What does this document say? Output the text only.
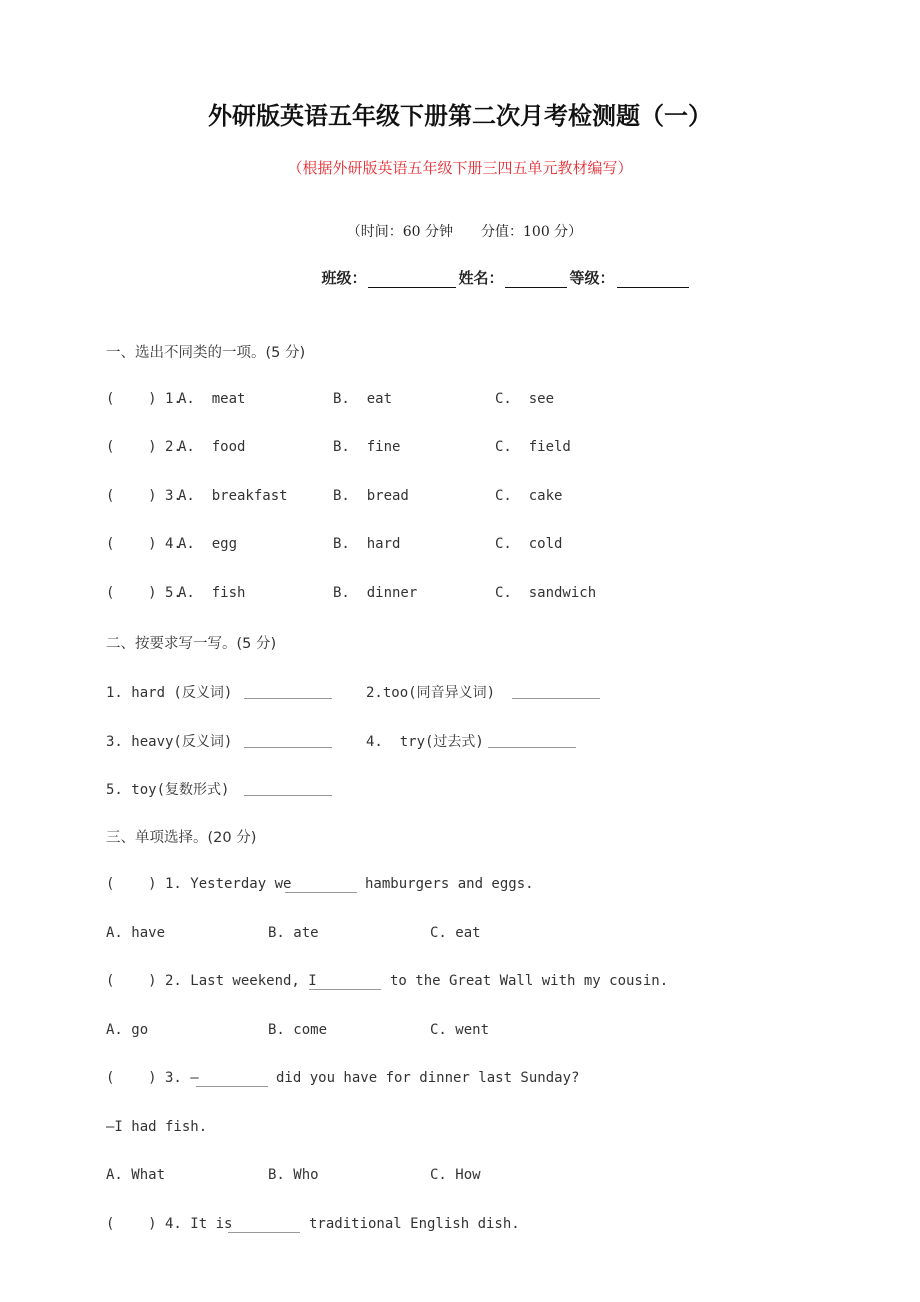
外研版英语五年级下册第二次月考检测题（一）
（根据外研版英语五年级下册三四五单元教材编写）

（时间：60 分钟 分值：100 分）

班级：	姓名：	等级：

一、选出不同类的一项。(5 分)
(    ) 1.
A.  meat	B.  eat	C.  see
(    ) 2.
A.  food	B.  fine	C.  field
(    ) 3.
A.  breakfast	B.  bread	C.  cake
(    ) 4.
A.  egg	B.  hard	C.  cold
(    ) 5.
A.  fish	B.  dinner	C.  sandwich
二、按要求写一写。(5 分)
1. hard (反义词)	2.too(同音异义词)
3. heavy(反义词)	4.  try(过去式)
5. toy(复数形式)
三、单项选择。(20 分)
(    ) 1. Yesterday we	hamburgers and eggs.
A. have	B. ate	C. eat
(    ) 2. Last weekend, I	to the Great Wall with my cousin.
A. go	B. come	C. went
(    ) 3. —	did you have for dinner last Sunday?
—I had fish.
A. What	B. Who	C. How
(    ) 4. It is	traditional English dish.
